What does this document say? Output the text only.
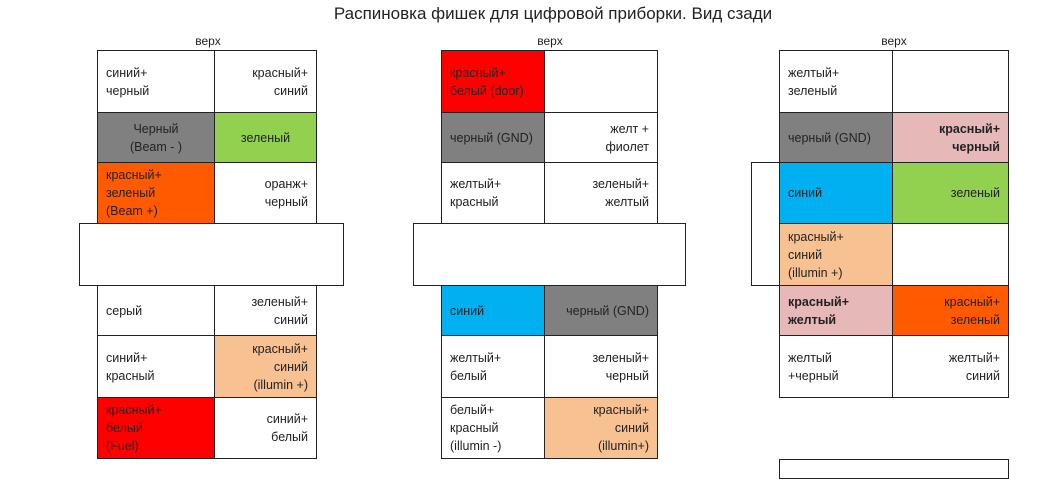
Распиновка фишек для цифровой приборки. Вид сзади
верх
синий+
черный
красный+
синий
Черный
(Beam - )
зеленый
красный+
зеленый
(Beam +)
оранж+
черный
серый
зеленый+
синий
синий+
красный
красный+
синий
(illumin +)
красный+
белый
(Fuel)
синий+
белый
верх
красный+
белый (door)
черный (GND)
желт +
фиолет
желтый+
красный
зеленый+
желтый
синий	черный (GND)
желтый+
белый
зеленый+
черный
белый+
красный
(illumin -)
красный+
синий
(illumin+)
верх
желтый+
зеленый
черный (GND)
красный+
черный
синий	зеленый
красный+
синий
(illumin +)
красный+
желтый
красный+
зеленый
желтый
+черный
желтый+
синий
